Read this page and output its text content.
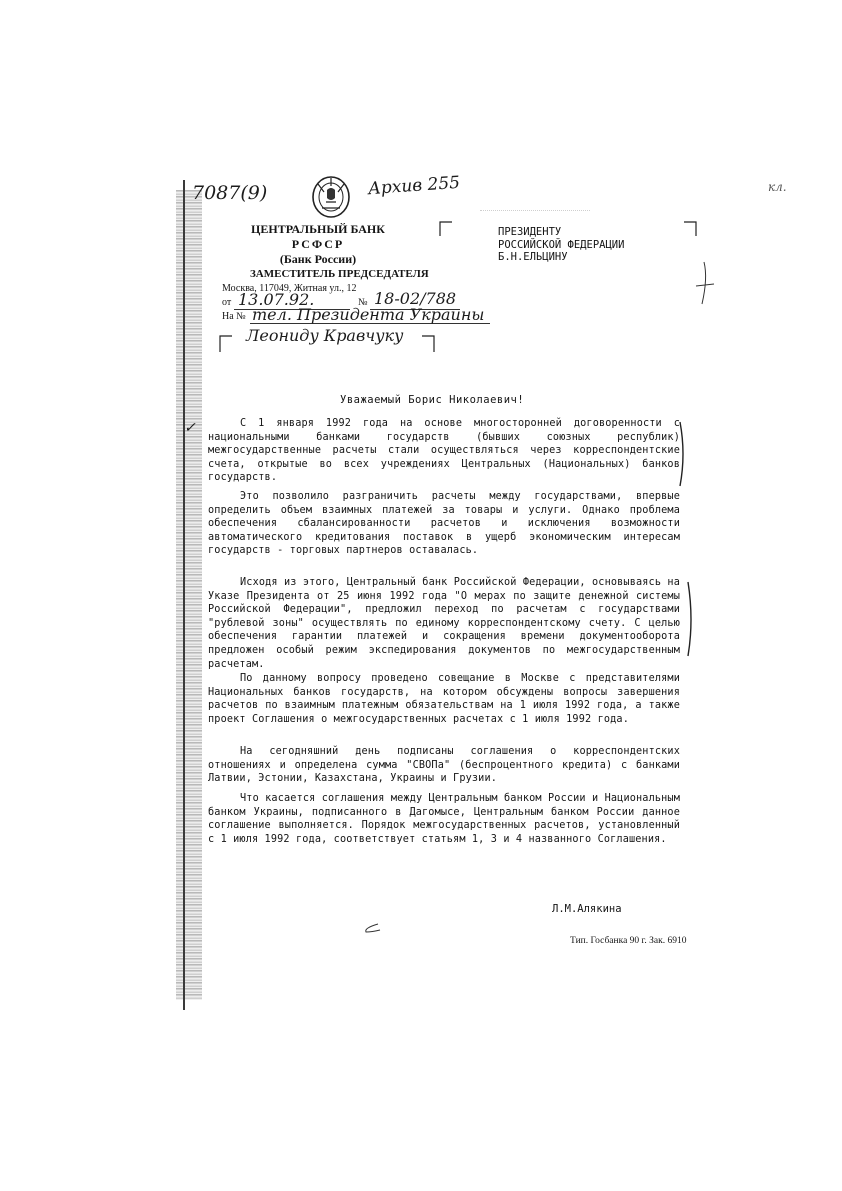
7087(9)	Архив 255	кл.
ЦЕНТРАЛЬНЫЙ БАНК
РСФСР
(Банк России)
ЗАМЕСТИТЕЛЬ ПРЕДСЕДАТЕЛЯ
Москва, 117049, Житная ул., 12
от 13.07.92.	№ 18-02/788
На № тел. Президента Украины
Леониду Кравчуку
ПРЕЗИДЕНТУ
РОССИЙСКОЙ ФЕДЕРАЦИИ
Б.Н.ЕЛЬЦИНУ
Уважаемый Борис Николаевич!

С 1 января 1992 года на основе многосторонней договоренности с национальными банками государств (бывших союзных республик) межгосударственные расчеты стали осуществляться через корреспондентские счета, открытые во всех учреждениях Центральных (Национальных) банков государств.

Это позволило разграничить расчеты между государствами, впервые определить объем взаимных платежей за товары и услуги. Однако проблема обеспечения сбалансированности расчетов и исключения возможности автоматического кредитования поставок в ущерб экономическим интересам государств - торговых партнеров оставалась.

Исходя из этого, Центральный банк Российской Федерации, основываясь на Указе Президента от 25 июня 1992 года "О мерах по защите денежной системы Российской Федерации", предложил переход по расчетам с государствами "рублевой зоны" осуществлять по единому корреспондентскому счету. С целью обеспечения гарантии платежей и сокращения времени документооборота предложен особый режим экспедирования документов по межгосударственным расчетам.

По данному вопросу проведено совещание в Москве с представителями Национальных банков государств, на котором обсуждены вопросы завершения расчетов по взаимным платежным обязательствам на 1 июля 1992 года, а также проект Соглашения о межгосударственных расчетах с 1 июля 1992 года.

На сегодняшний день подписаны соглашения о корреспондентских отношениях и определена сумма "СВОПа" (беспроцентного кредита) с банками Латвии, Эстонии, Казахстана, Украины и Грузии.

Что касается соглашения между Центральным банком России и Национальным банком Украины, подписанного в Дагомысе, Центральным банком России данное соглашение выполняется. Порядок межгосударственных расчетов, установленный с 1 июля 1992 года, соответствует статьям 1, 3 и 4 названного Соглашения.

✓
Л.М.Алякина
Тип. Госбанка 90 г. Зак. 6910
